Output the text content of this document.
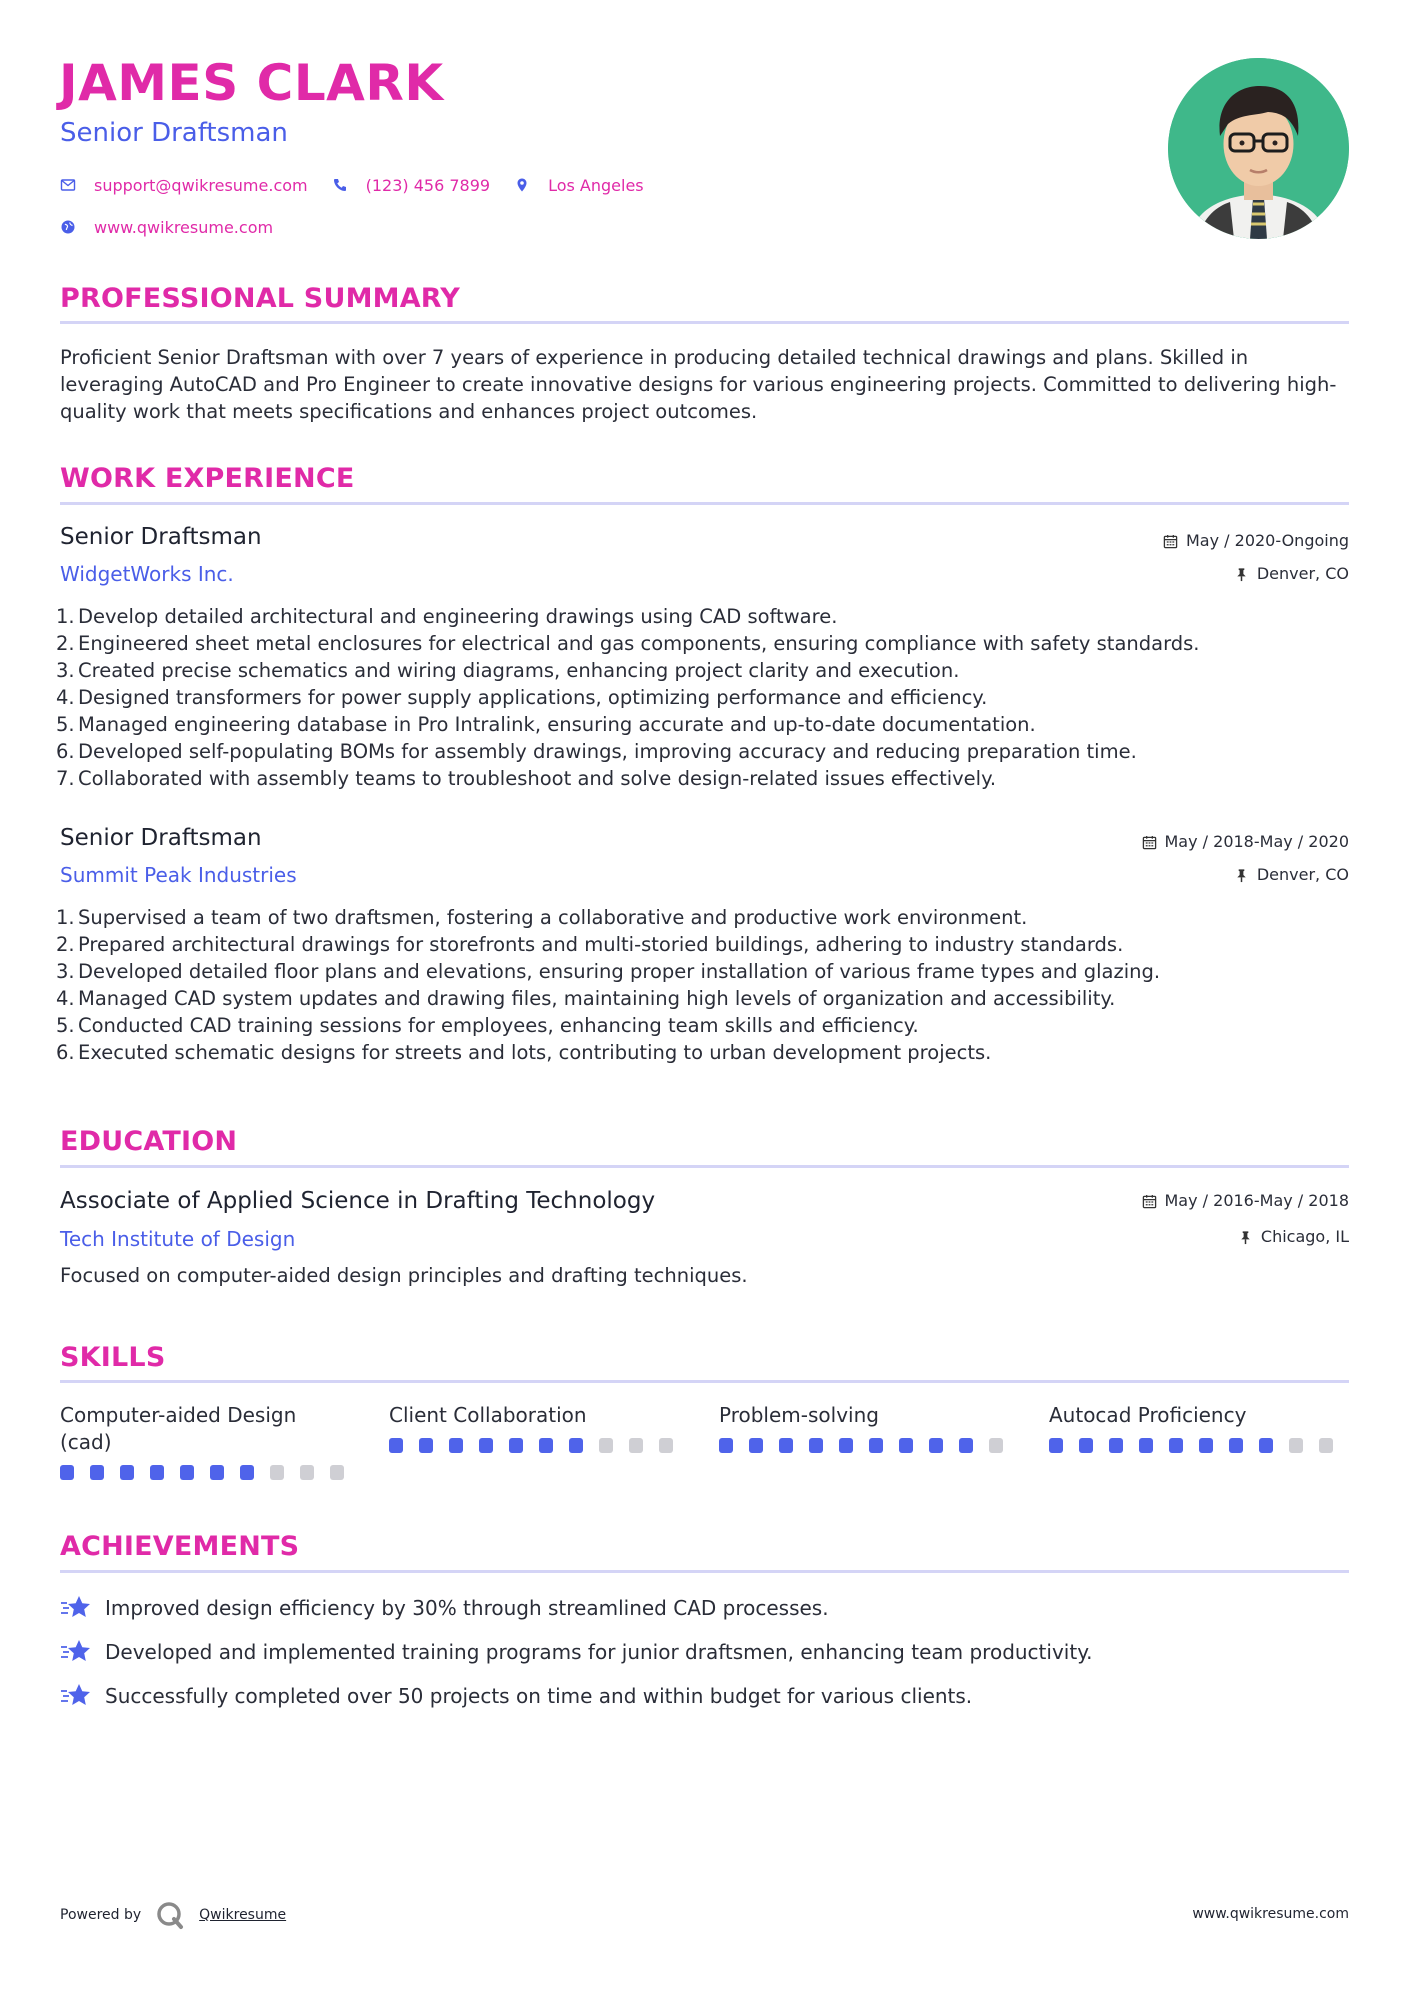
JAMES CLARK
Senior Draftsman
support@qwikresume.com	(123) 456 7899	Los Angeles
www.qwikresume.com
PROFESSIONAL SUMMARY

Proficient Senior Draftsman with over 7 years of experience in producing detailed technical drawings and plans. Skilled in leveraging AutoCAD and Pro Engineer to create innovative designs for various engineering projects. Committed to delivering high-quality work that meets specifications and enhances project outcomes.

WORK EXPERIENCE
Senior Draftsman
WidgetWorks Inc.
May / 2020-Ongoing
Denver, CO
1. Develop detailed architectural and engineering drawings using CAD software.
2. Engineered sheet metal enclosures for electrical and gas components, ensuring compliance with safety standards.
3. Created precise schematics and wiring diagrams, enhancing project clarity and execution.
4. Designed transformers for power supply applications, optimizing performance and efficiency.
5. Managed engineering database in Pro Intralink, ensuring accurate and up-to-date documentation.
6. Developed self-populating BOMs for assembly drawings, improving accuracy and reducing preparation time.
7. Collaborated with assembly teams to troubleshoot and solve design-related issues effectively.
Senior Draftsman
Summit Peak Industries
May / 2018-May / 2020
Denver, CO
1. Supervised a team of two draftsmen, fostering a collaborative and productive work environment.
2. Prepared architectural drawings for storefronts and multi-storied buildings, adhering to industry standards.
3. Developed detailed floor plans and elevations, ensuring proper installation of various frame types and glazing.
4. Managed CAD system updates and drawing files, maintaining high levels of organization and accessibility.
5. Conducted CAD training sessions for employees, enhancing team skills and efficiency.
6. Executed schematic designs for streets and lots, contributing to urban development projects.
EDUCATION
Associate of Applied Science in Drafting Technology
Tech Institute of Design
May / 2016-May / 2018
Chicago, IL

Focused on computer-aided design principles and drafting techniques.

SKILLS
Computer-aided Design (cad)
Client Collaboration	Problem-solving	Autocad Proficiency
ACHIEVEMENTS
Improved design efficiency by 30% through streamlined CAD processes.
Developed and implemented training programs for junior draftsmen, enhancing team productivity.
Successfully completed over 50 projects on time and within budget for various clients.
Powered by	Qwikresume	www.qwikresume.com
